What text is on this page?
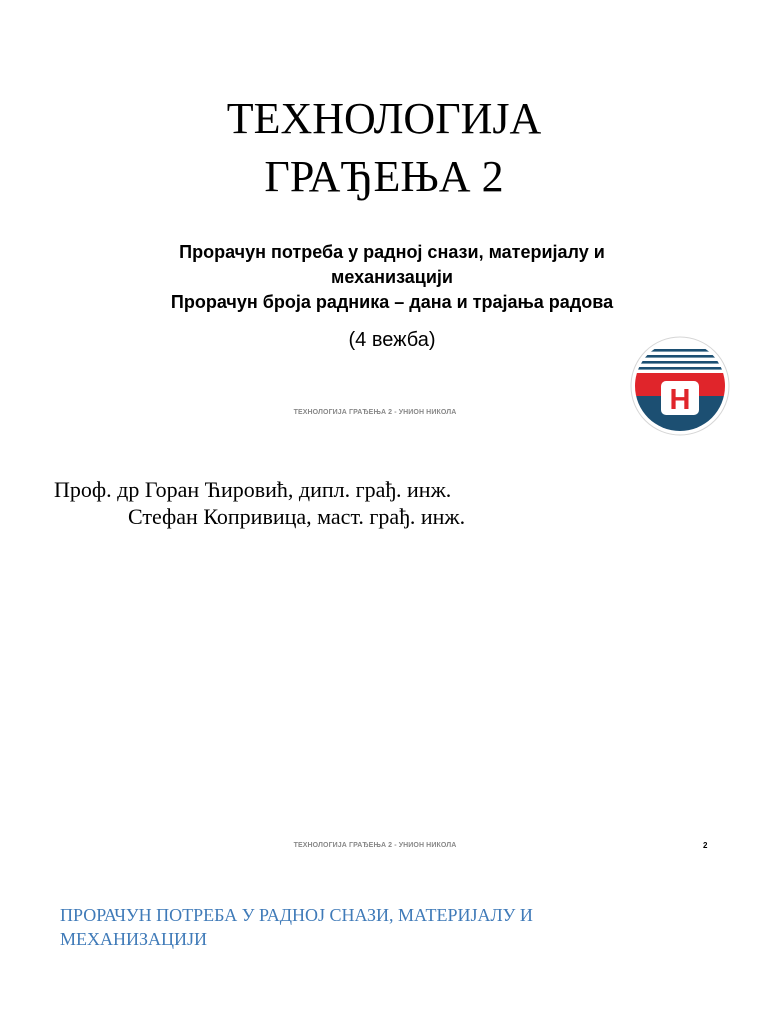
ТЕХНОЛОГИЈА
ГРАЂЕЊА 2
Прорачун потреба у радној снази, материјалу и
механизацији
Прорачун броја радника – дана и трајања радова
(4 вежба)
H
ТЕХНОЛОГИЈА ГРАЂЕЊА 2 - УНИОН НИКОЛА
Проф. др Горан Ћировић, дипл. грађ. инж.
Стефан Копривица, маст. грађ. инж.
ТЕХНОЛОГИЈА ГРАЂЕЊА 2 - УНИОН НИКОЛА	2
ПРОРАЧУН ПОТРЕБА У РАДНОЈ СНАЗИ, МАТЕРИЈАЛУ И
МЕХАНИЗАЦИЈИ
